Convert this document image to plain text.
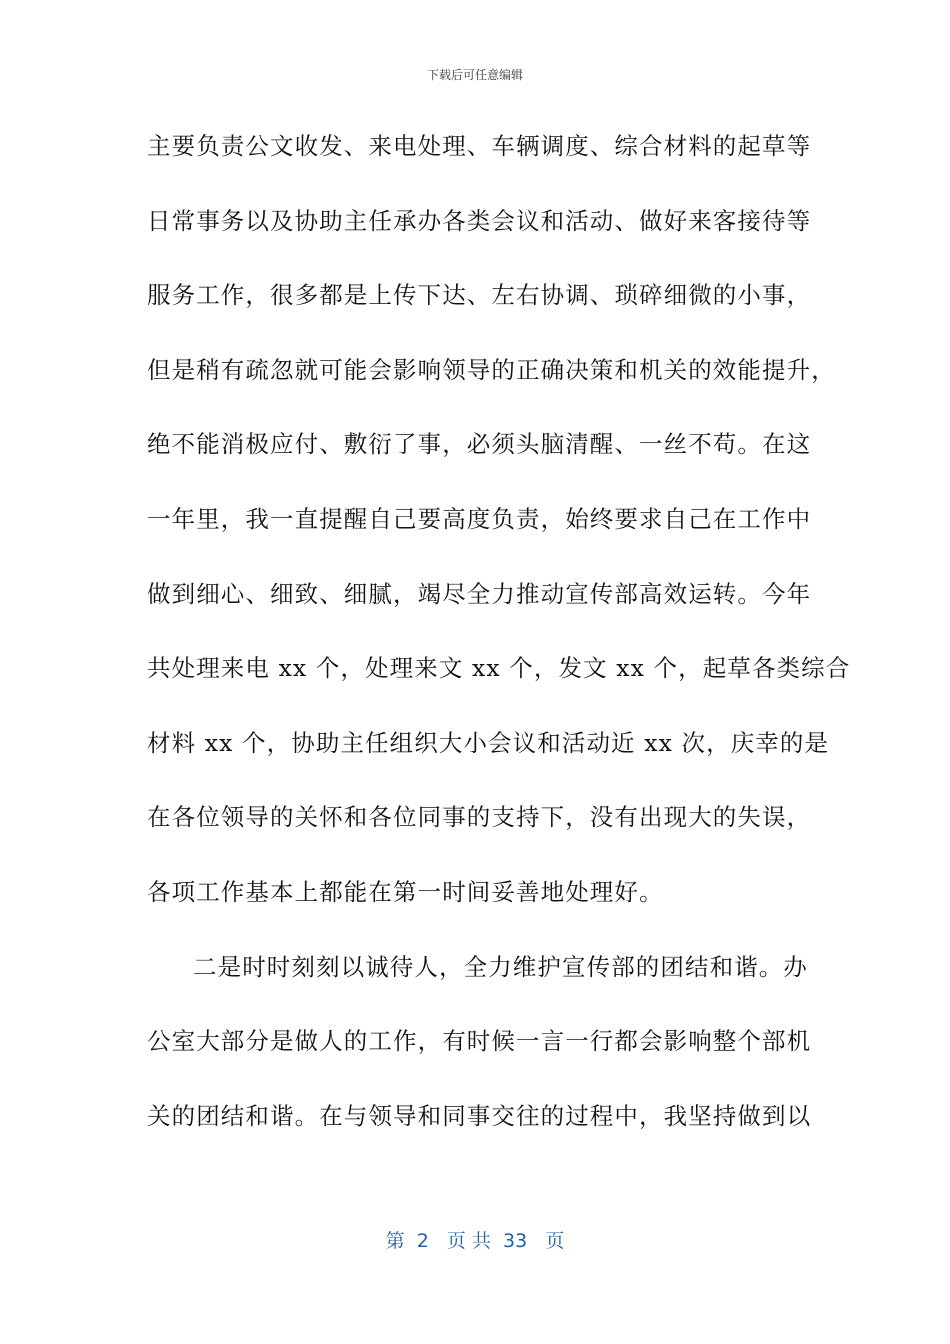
下载后可任意编辑
主要负责公文收发、来电处理、车辆调度、综合材料的起草等
日常事务以及协助主任承办各类会议和活动、做好来客接待等
服务工作，很多都是上传下达、左右协调、琐碎细微的小事，
但是稍有疏忽就可能会影响领导的正确决策和机关的效能提升，
绝不能消极应付、敷衍了事，必须头脑清醒、一丝不苟。在这
一年里，我一直提醒自己要高度负责，始终要求自己在工作中
做到细心、细致、细腻，竭尽全力推动宣传部高效运转。今年
共处理来电 xx 个，处理来文 xx 个，发文 xx 个，起草各类综合
材料 xx 个，协助主任组织大小会议和活动近 xx 次，庆幸的是
在各位领导的关怀和各位同事的支持下，没有出现大的失误，
各项工作基本上都能在第一时间妥善地处理好。
二是时时刻刻以诚待人，全力维护宣传部的团结和谐。办
公室大部分是做人的工作，有时候一言一行都会影响整个部机
关的团结和谐。在与领导和同事交往的过程中，我坚持做到以
第  2   页 共  33   页
